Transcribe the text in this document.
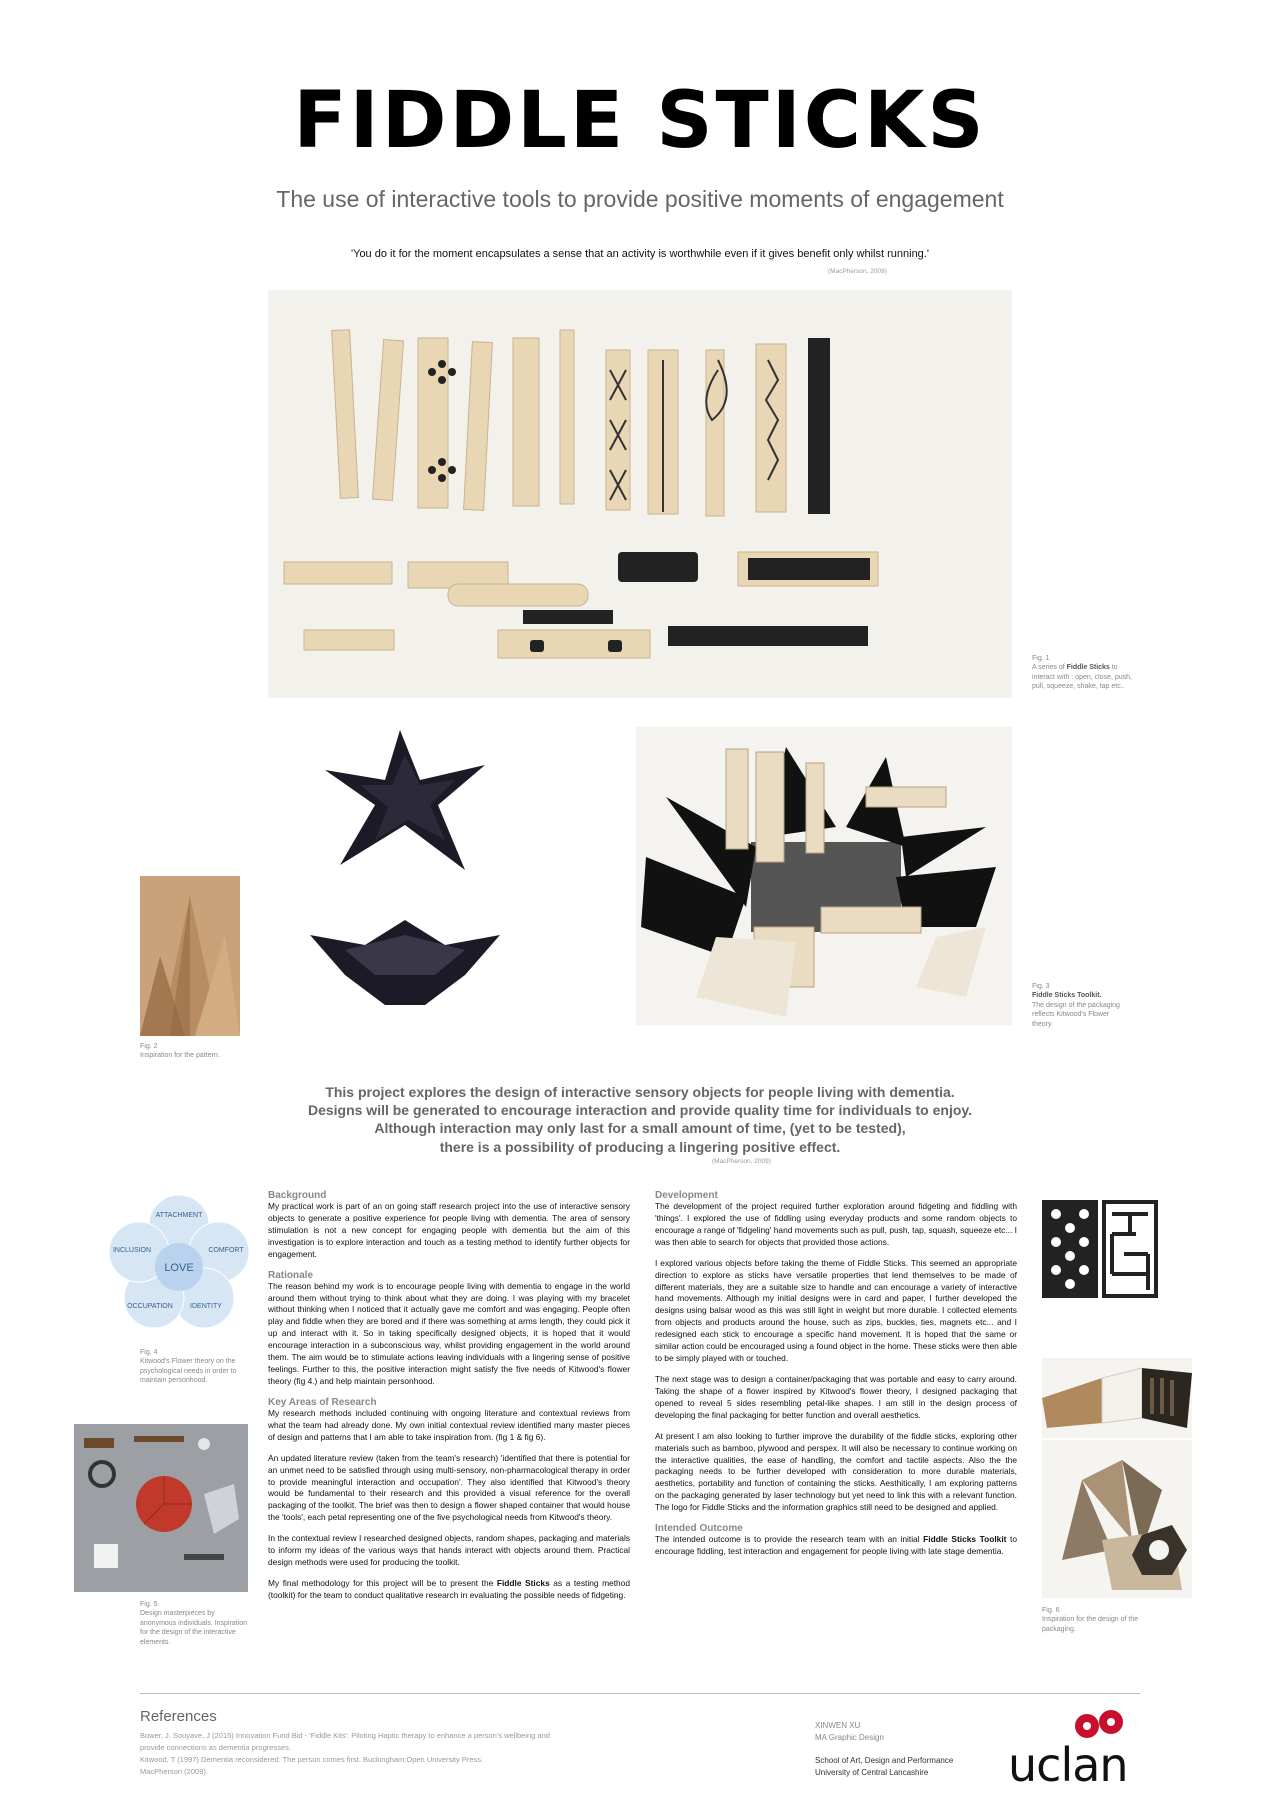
FIDDLE STICKS
The use of interactive tools to provide positive moments of engagement
'You do it for the moment encapsulates a sense that an activity is worthwhile even if it gives benefit only whilst running.'
(MacPherson, 2009)
Fig. 1
A series of Fiddle Sticks to interact with : open, close, push, pull, squeeze, shake, tap etc..
Fig. 2
Inspiration for the pattern.
Fig. 3
Fiddle Sticks Toolkit.
The design of the packaging reflects Kitwood's Flower theory.
This project explores the design of interactive sensory objects for people living with dementia.
Designs will be generated to encourage interaction and provide quality time for individuals to enjoy.
Although interaction may only last for a small amount of time, (yet to be tested),
there is a possibility of producing a lingering positive effect.
(MacPherson, 2009)
ATTACHMENT
COMFORT
IDENTITY
OCCUPATION
INCLUSION
LOVE
Fig. 4
Kitwood's Flower theory on the psychological needs in order to maintain personhood.
Fig. 5
Design masterpieces by anonymous individuals. Inspiration for the design of the interactive elements.
Background

My practical work is part of an on going staff research project into the use of interactive sensory objects to generate a positive experience for people living with dementia. The area of sensory stimulation is not a new concept for engaging people with dementia but the aim of this investigation is to explore interaction and touch as a testing method to identify further objects for engagement.

Rationale

The reason behind my work is to encourage people living with dementia to engage in the world around them without trying to think about what they are doing. I was playing with my bracelet without thinking when I noticed that it actually gave me comfort and was engaging. People often play and fiddle when they are bored and if there was something at arms length, they could pick it up and interact with it. So in taking specifically designed objects, it is hoped that it would encourage interaction in a subconscious way, whilst providing engagement in the world around them. The aim would be to stimulate actions leaving individuals with a lingering sense of positive feelings. Further to this, the positive interaction might satisfy the five needs of Kitwood's flower theory (fig 4.) and help maintain personhood.

Key Areas of Research

My research methods included continuing with ongoing literature and contextual reviews from what the team had already done. My own initial contextual review identified many master pieces of design and patterns that I am able to take inspiration from. (fig 1 & fig 6).

An updated literature review (taken from the team's research) 'identified that there is potential for an unmet need to be satisfied through using multi-sensory, non-pharmacological therapy in order to provide meaningful interaction and occupation'. They also identified that Kitwood's theory would be fundamental to their research and this provided a visual reference for the overall packaging of the toolkit. The brief was then to design a flower shaped container that would house the 'tools', each petal representing one of the five psychological needs from Kitwood's theory.

In the contextual review I researched designed objects, random shapes, packaging and materials to inform my ideas of the various ways that hands interact with objects around them. Practical design methods were used for producing the toolkit.

My final methodology for this project will be to present the Fiddle Sticks as a testing method (toolkit) for the team to conduct qualitative research in evaluating the possible needs of fidgeting.

Development

The development of the project required further exploration around fidgeting and fiddling with 'things'. I explored the use of fiddling using everyday products and some random objects to encourage a range of 'fidgeling' hand movements such as pull, push, tap, squash, squeeze etc... I was then able to search for objects that provided those actions.

I explored various objects before taking the theme of Fiddle Sticks. This seemed an appropriate direction to explore as sticks have versatile properties that lend themselves to be made of different materials, they are a suitable size to handle and can encourage a variety of interactive hand movements. Although my initial designs were in card and paper, I further developed the designs using balsar wood as this was still light in weight but more durable. I collected elements from objects and products around the house, such as zips, buckles, ties, magnets etc... and I redesigned each stick to encourage a specific hand movement. It is hoped that the same or similar action could be encouraged using a found object in the home. These sticks were then able to be simply played with or touched.

The next stage was to design a container/packaging that was portable and easy to carry around. Taking the shape of a flower inspired by Kitwood's flower theory, I designed packaging that opened to reveal 5 sides resembling petal-like shapes. I am still in the design process of developing the final packaging for better function and overall aesthetics.

At present I am also looking to further improve the durability of the fiddle sticks, exploring other materials such as bamboo, plywood and perspex. It will also be necessary to continue working on the interactive qualities, the ease of handling, the comfort and tactile aspects. Also the the packaging needs to be further developed with consideration to more durable materials, aesthetics, portability and function of containing the sticks. Aesthitically, I am exploring patterns on the packaging generated by laser technology but yet need to link this with a relevant function. The logo for Fiddle Sticks and the information graphics still need to be designed and applied.

Intended Outcome

The intended outcome is to provide the research team with an initial Fiddle Sticks Toolkit to encourage fiddling, test interaction and engagement for people living with late stage dementia.

Fig. 6
Inspiration for the design of the packaging.
References
Bower, J. Souyave, J (2015) Innovation Fund Bid - 'Fiddle Kits': Piloting Haptic therapy to enhance a person's wellbeing and
provide connections as dementia progresses.
Kitwood, T (1997) Dementia reconsidered: The person comes first. Buckingham;Open University Press.
MacPherson (2009).
XINWEN XU
MA Graphic Design
School of Art, Design and Performance
University of Central Lancashire	uclan
